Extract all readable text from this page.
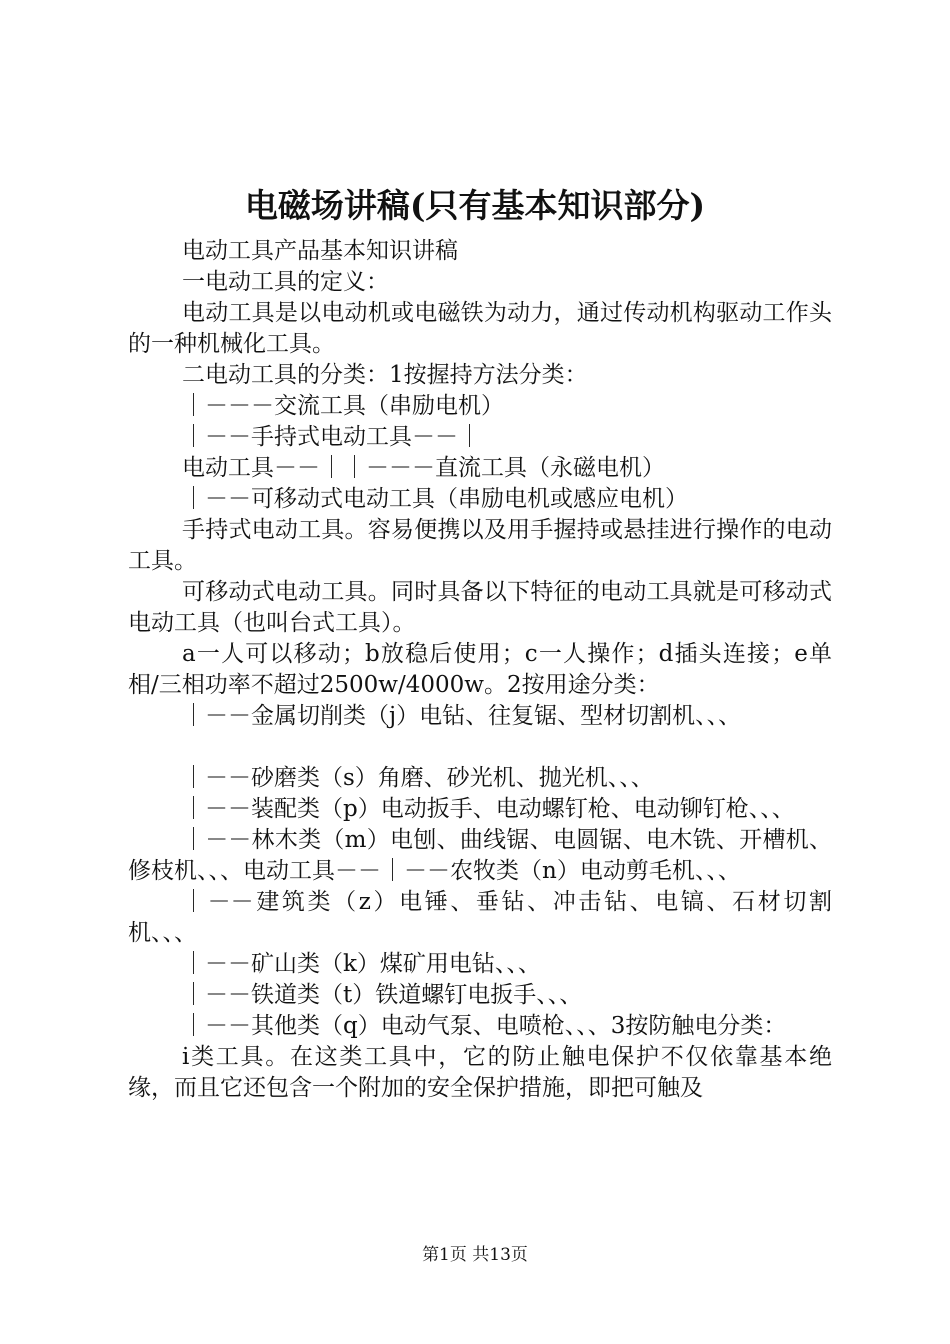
电磁场讲稿(只有基本知识部分)

电动工具产品基本知识讲稿

一电动工具的定义：

电动工具是以电动机或电磁铁为动力，通过传动机构驱动工作头的一种机械化工具。

二电动工具的分类：1按握持方法分类：

｜－－－交流工具（串励电机）

｜－－手持式电动工具－－｜

电动工具－－｜｜－－－直流工具（永磁电机）

｜－－可移动式电动工具（串励电机或感应电机）

手持式电动工具。容易便携以及用手握持或悬挂进行操作的电动工具。

可移动式电动工具。同时具备以下特征的电动工具就是可移动式电动工具（也叫台式工具）。

a一人可以移动；b放稳后使用；c一人操作；d插头连接；e单相/三相功率不超过2500w/4000w。2按用途分类：

｜－－金属切削类（j）电钻、往复锯、型材切割机、、、

｜－－砂磨类（s）角磨、砂光机、抛光机、、、

｜－－装配类（p）电动扳手、电动螺钉枪、电动铆钉枪、、、

｜－－林木类（m）电刨、曲线锯、电圆锯、电木铣、开槽机、修枝机、、、电动工具－－｜－－农牧类（n）电动剪毛机、、、

｜－－建筑类（z）电锤、垂钻、冲击钻、电镐、石材切割机、、、

｜－－矿山类（k）煤矿用电钻、、、

｜－－铁道类（t）铁道螺钉电扳手、、、

｜－－其他类（q）电动气泵、电喷枪、、、3按防触电分类：

i类工具。在这类工具中，它的防止触电保护不仅依靠基本绝缘，而且它还包含一个附加的安全保护措施，即把可触及

第1页 共13页
